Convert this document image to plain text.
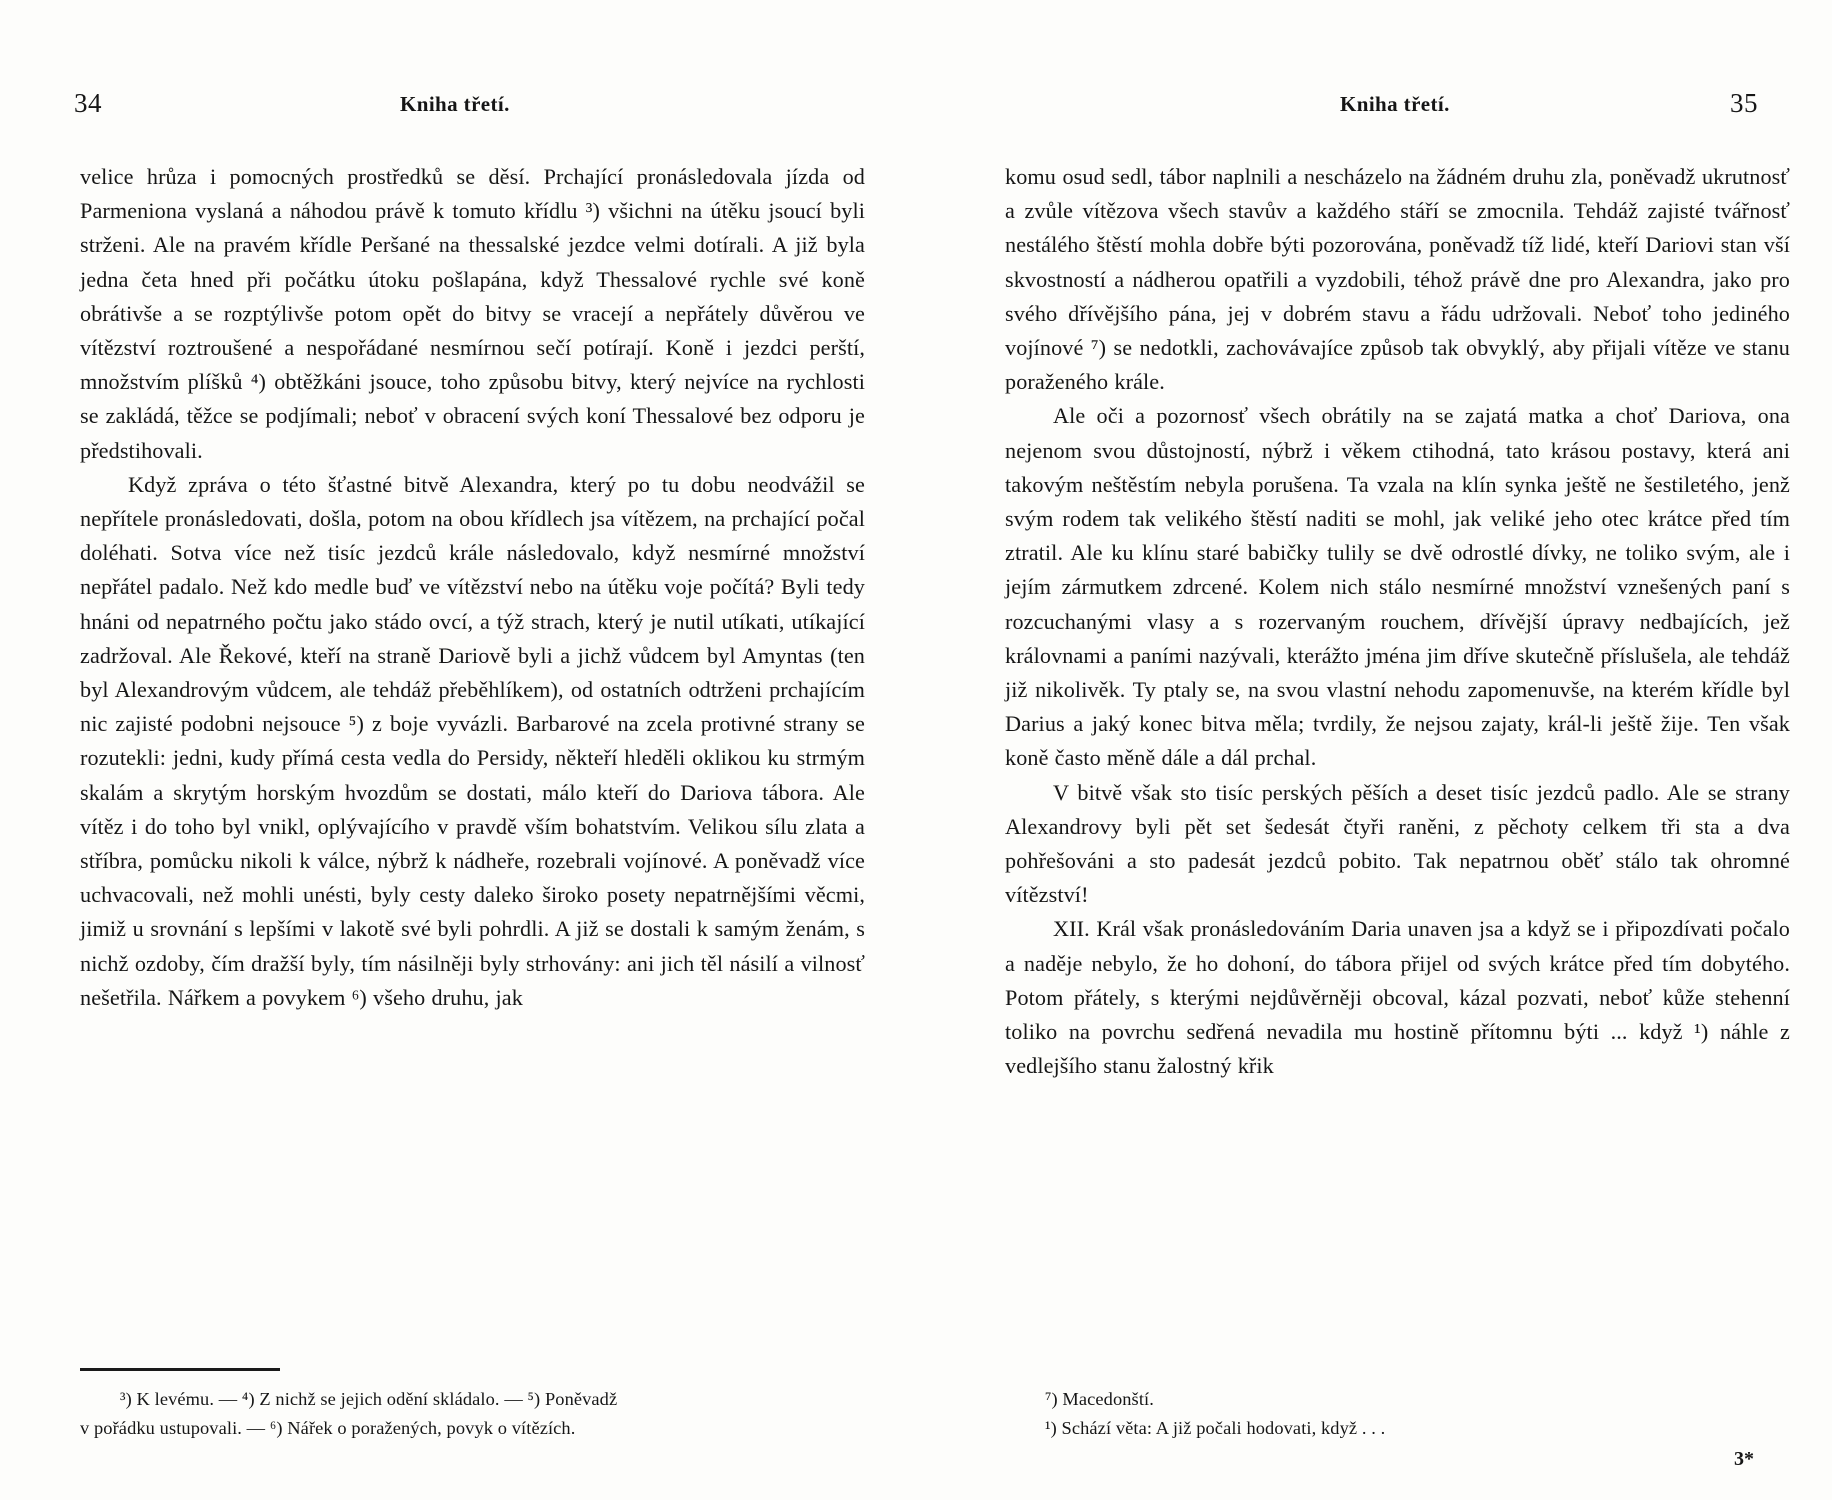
34	Kniha třetí.	Kniha třetí.	35

velice hrůza i pomocných prostředků se děsí. Prchající pronásledovala jízda od Parmeniona vyslaná a náhodou právě k tomuto křídlu ³) všichni na útěku jsoucí byli strženi. Ale na pravém křídle Peršané na thessalské jezdce velmi dotírali. A již byla jedna četa hned při počátku útoku pošlapána, když Thessalové rychle své koně obrátivše a se rozptýlivše potom opět do bitvy se vracejí a nepřátely důvěrou ve vítězství roztroušené a nespořádané nesmírnou sečí potírají. Koně i jezdci perští, množstvím plíšků ⁴) obtěžkáni jsouce, toho způsobu bitvy, který nejvíce na rychlosti se zakládá, těžce se podjímali; neboť v obracení svých koní Thessalové bez odporu je předstihovali.

Když zpráva o této šťastné bitvě Alexandra, který po tu dobu neodvážil se nepřítele pronásledovati, došla, potom na obou křídlech jsa vítězem, na prchající počal doléhati. Sotva více než tisíc jezdců krále následovalo, když nesmírné množství nepřátel padalo. Než kdo medle buď ve vítězství nebo na útěku voje počítá? Byli tedy hnáni od nepatrného počtu jako stádo ovcí, a týž strach, který je nutil utíkati, utíkající zadržoval. Ale Řekové, kteří na straně Dariově byli a jichž vůdcem byl Amyntas (ten byl Alexandrovým vůdcem, ale tehdáž přeběhlíkem), od ostatních odtrženi prchajícím nic zajisté podobni nejsouce ⁵) z boje vyvázli. Barbarové na zcela protivné strany se rozutekli: jedni, kudy přímá cesta vedla do Persidy, někteří hleděli oklikou ku strmým skalám a skrytým horským hvozdům se dostati, málo kteří do Dariova tábora. Ale vítěz i do toho byl vnikl, oplývajícího v pravdě vším bohatstvím. Velikou sílu zlata a stříbra, pomůcku nikoli k válce, nýbrž k nádheře, rozebrali vojínové. A poněvadž více uchvacovali, než mohli unésti, byly cesty daleko široko posety nepatrnějšími věcmi, jimiž u srovnání s lepšími v lakotě své byli pohrdli. A již se dostali k samým ženám, s nichž ozdoby, čím dražší byly, tím násilněji byly strhovány: ani jich těl násilí a vilnosť nešetřila. Nářkem a povykem ⁶) všeho druhu, jak

komu osud sedl, tábor naplnili a nescházelo na žádném druhu zla, poněvadž ukrutnosť a zvůle vítězova všech stavův a každého stáří se zmocnila. Tehdáž zajisté tvářnosť nestálého štěstí mohla dobře býti pozorována, poněvadž tíž lidé, kteří Dariovi stan vší skvostností a nádherou opatřili a vyzdobili, téhož právě dne pro Alexandra, jako pro svého dřívějšího pána, jej v dobrém stavu a řádu udržovali. Neboť toho jediného vojínové ⁷) se nedotkli, zachovávajíce způsob tak obvyklý, aby přijali vítěze ve stanu poraženého krále.

Ale oči a pozornosť všech obrátily na se zajatá matka a choť Dariova, ona nejenom svou důstojností, nýbrž i věkem ctihodná, tato krásou postavy, která ani takovým neštěstím nebyla porušena. Ta vzala na klín synka ještě ne šestiletého, jenž svým rodem tak velikého štěstí naditi se mohl, jak veliké jeho otec krátce před tím ztratil. Ale ku klínu staré babičky tulily se dvě odrostlé dívky, ne toliko svým, ale i jejím zármutkem zdrcené. Kolem nich stálo nesmírné množství vznešených paní s rozcuchanými vlasy a s rozervaným rouchem, dřívější úpravy nedbajících, jež královnami a paními nazývali, kterážto jména jim dříve skutečně příslušela, ale tehdáž již nikolivěk. Ty ptaly se, na svou vlastní nehodu zapomenuvše, na kterém křídle byl Darius a jaký konec bitva měla; tvrdily, že nejsou zajaty, král-li ještě žije. Ten však koně často měně dále a dál prchal.

V bitvě však sto tisíc perských pěších a deset tisíc jezdců padlo. Ale se strany Alexandrovy byli pět set šedesát čtyři raněni, z pěchoty celkem tři sta a dva pohřešováni a sto padesát jezdců pobito. Tak nepatrnou oběť stálo tak ohromné vítězství!

XII. Král však pronásledováním Daria unaven jsa a když se i připozdívati počalo a naděje nebylo, že ho dohoní, do tábora přijel od svých krátce před tím dobytého. Potom přátely, s kterými nejdůvěrněji obcoval, kázal pozvati, neboť kůže stehenní toliko na povrchu sedřená nevadila mu hostině přítomnu býti ... když ¹) náhle z vedlejšího stanu žalostný křik

³) K levému. — ⁴) Z nichž se jejich odění skládalo. — ⁵) Poněvadž

v pořádku ustupovali. — ⁶) Nářek o poražených, povyk o vítězích.

⁷) Macedonští.

¹) Schází věta: A již počali hodovati, když . . .

3*
